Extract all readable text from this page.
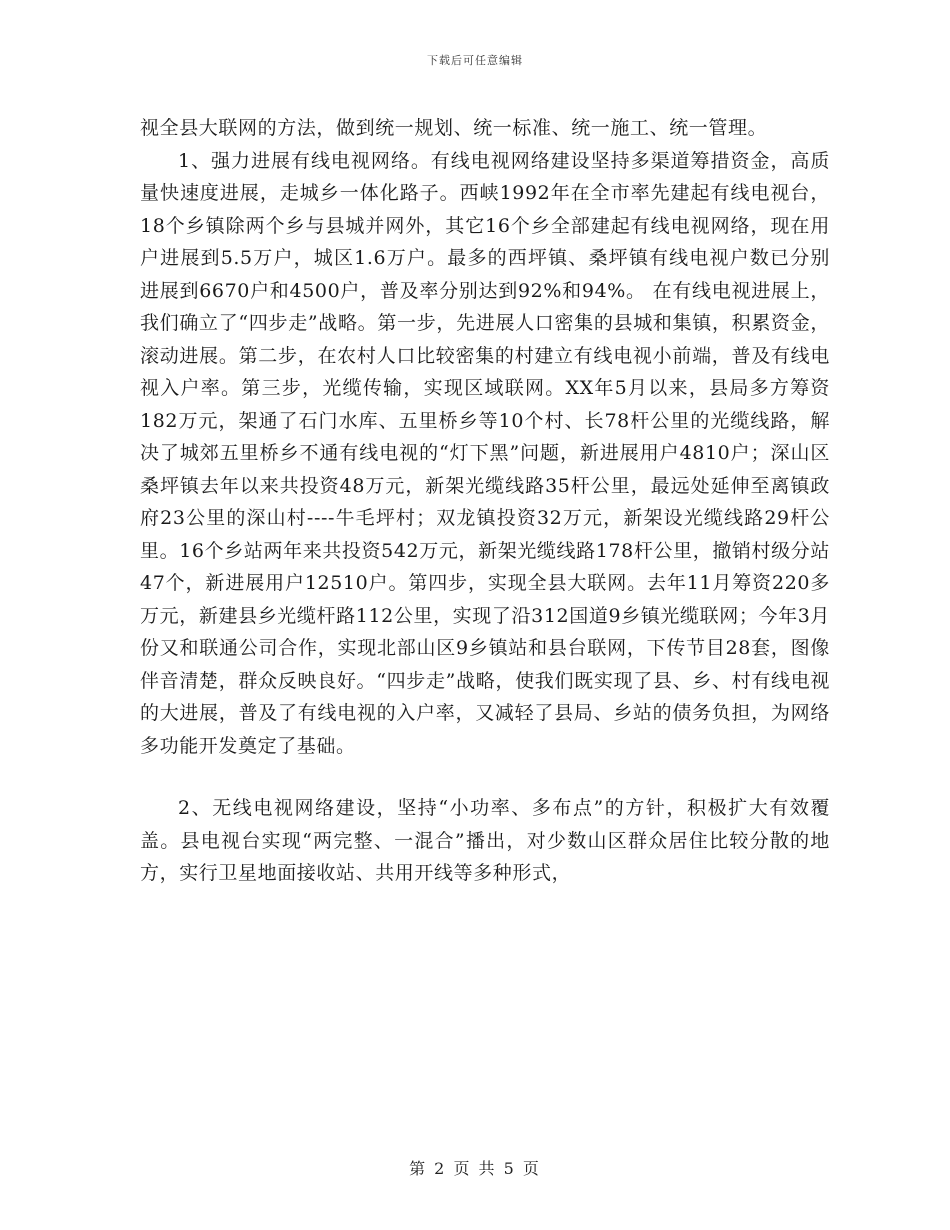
下载后可任意编辑

视全县大联网的方法，做到统一规划、统一标准、统一施工、统一管理。

1、强力进展有线电视网络。有线电视网络建设坚持多渠道筹措资金，高质量快速度进展，走城乡一体化路子。西峡1992年在全市率先建起有线电视台，18个乡镇除两个乡与县城并网外，其它16个乡全部建起有线电视网络，现在用户进展到5.5万户，城区1.6万户。最多的西坪镇、桑坪镇有线电视户数已分别进展到6670户和4500户，普及率分别达到92%和94%。 在有线电视进展上，我们确立了“四步走”战略。第一步，先进展人口密集的县城和集镇，积累资金，滚动进展。第二步，在农村人口比较密集的村建立有线电视小前端，普及有线电视入户率。第三步，光缆传输，实现区域联网。XX年5月以来，县局多方筹资182万元，架通了石门水库、五里桥乡等10个村、长78杆公里的光缆线路，解决了城郊五里桥乡不通有线电视的“灯下黑”问题，新进展用户4810户；深山区桑坪镇去年以来共投资48万元，新架光缆线路35杆公里，最远处延伸至离镇政府23公里的深山村----牛毛坪村；双龙镇投资32万元，新架设光缆线路29杆公里。16个乡站两年来共投资542万元，新架光缆线路178杆公里，撤销村级分站47个，新进展用户12510户。第四步，实现全县大联网。去年11月筹资220多万元，新建县乡光缆杆路112公里，实现了沿312国道9乡镇光缆联网；今年3月份又和联通公司合作，实现北部山区9乡镇站和县台联网，下传节目28套，图像伴音清楚，群众反映良好。“四步走”战略，使我们既实现了县、乡、村有线电视的大进展，普及了有线电视的入户率，又减轻了县局、乡站的债务负担，为网络多功能开发奠定了基础。

2、无线电视网络建设，坚持“小功率、多布点”的方针，积极扩大有效覆盖。县电视台实现“两完整、一混合”播出，对少数山区群众居住比较分散的地方，实行卫星地面接收站、共用开线等多种形式，

第 2 页 共 5 页
